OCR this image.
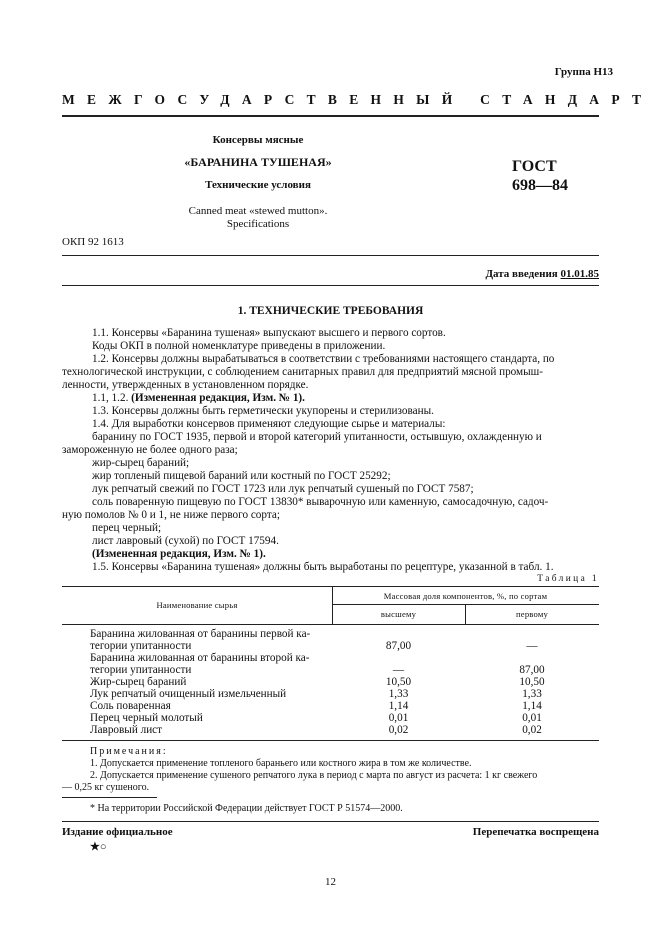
Группа Н13
МЕЖГОСУДАРСТВЕННЫЙ СТАНДАРТ
Консервы мясные
«БАРАНИНА ТУШЕНАЯ»
Технические условия
Canned meat «stewed mutton».
Specifications
ГОСТ
698—84
ОКП 92 1613
Дата введения 01.01.85
1. ТЕХНИЧЕСКИЕ ТРЕБОВАНИЯ
1.1. Консервы «Баранина тушеная» выпускают высшего и первого сортов.
Коды ОКП в полной номенклатуре приведены в приложении.
1.2. Консервы должны вырабатываться в соответствии с требованиями настоящего стандарта, по
технологической инструкции, с соблюдением санитарных правил для предприятий мясной промыш-
ленности, утвержденных в установленном порядке.
1.1, 1.2. (Измененная редакция, Изм. № 1).
1.3. Консервы должны быть герметически укупорены и стерилизованы.
1.4. Для выработки консервов применяют следующие сырье и материалы:
баранину по ГОСТ 1935, первой и второй категорий упитанности, остывшую, охлажденную и
замороженную не более одного раза;
жир-сырец бараний;
жир топленый пищевой бараний или костный по ГОСТ 25292;
лук репчатый свежий по ГОСТ 1723 или лук репчатый сушеный по ГОСТ 7587;
соль поваренную пищевую по ГОСТ 13830* выварочную или каменную, самосадочную, садоч-
ную помолов № 0 и 1, не ниже первого сорта;
перец черный;
лист лавровый (сухой) по ГОСТ 17594.
(Измененная редакция, Изм. № 1).
1.5. Консервы «Баранина тушеная» должны быть выработаны по рецептуре, указанной в табл. 1.
Таблица 1
Наименование сырья
Массовая доля компонентов, %, по сортам
высшему	первому
Баранина жилованная от баранины первой ка-
тегории упитанности	87,00	—
Баранина жилованная от баранины второй ка-
тегории упитанности	—	87,00
Жир-сырец бараний	10,50	10,50
Лук репчатый очищенный измельченный	1,33	1,33
Соль поваренная	1,14	1,14
Перец черный молотый	0,01	0,01
Лавровый лист	0,02	0,02
Примечания:
1. Допускается применение топленого бараньего или костного жира в том же количестве.
2. Допускается применение сушеного репчатого лука в период с марта по август из расчета: 1 кг свежего
— 0,25 кг сушеного.
* На территории Российской Федерации действует ГОСТ Р 51574—2000.
Издание официальное
★○
Перепечатка воспрещена
12
